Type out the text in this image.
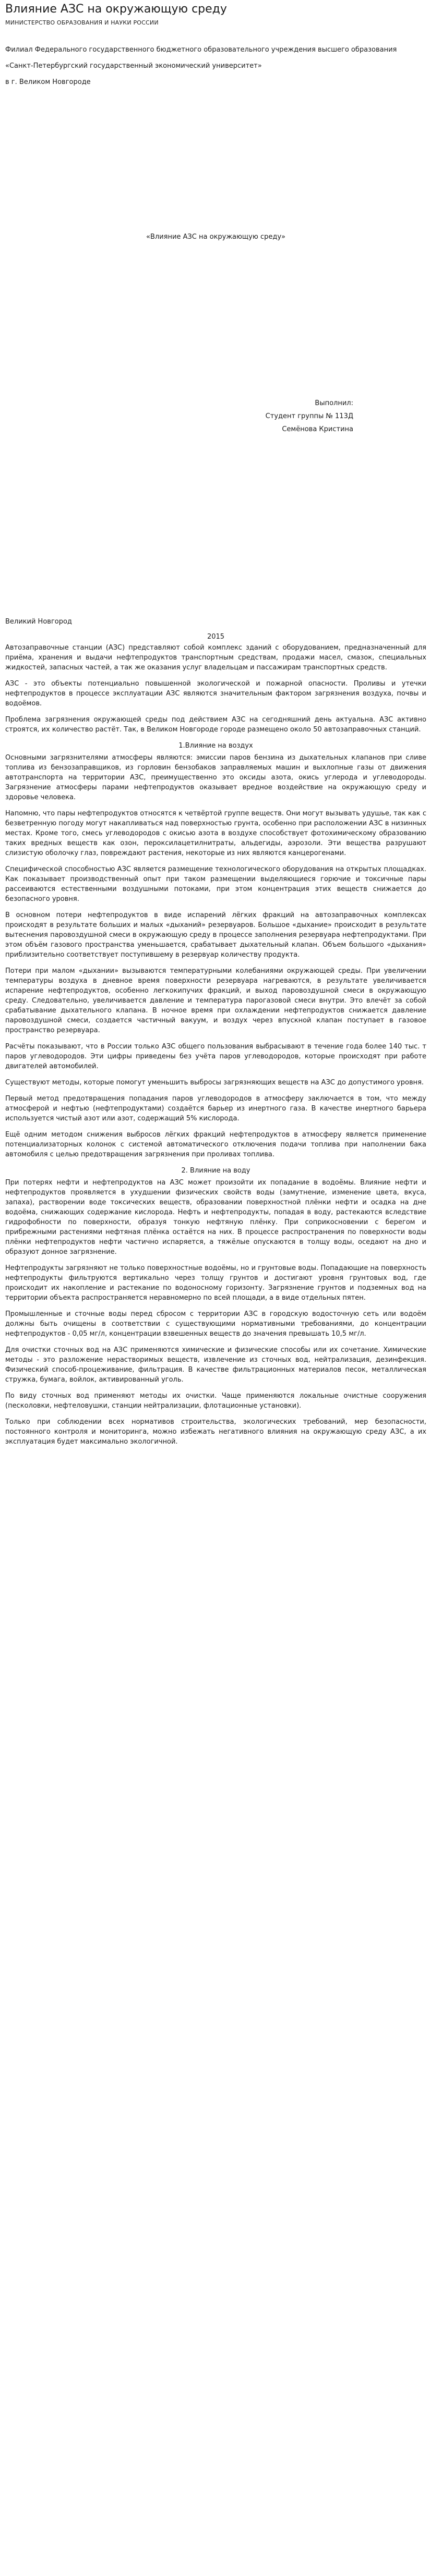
Влияние АЗС на окружающую среду
МИНИСТЕРСТВО ОБРАЗОВАНИЯ И НАУКИ РОССИИ

Филиал Федерального государственного бюджетного образовательного учреждения высшего образования

«Санкт-Петербургский государственный экономический университет»

в г. Великом Новгороде

«Влияние АЗС на окружающую среду»

Выполнил:

Студент группы № 113Д

Семёнова Кристина

Великий Новгород
2015

Автозаправочные станции (АЗС) представляют собой комплекс зданий с оборудованием, предназначенный для приёма, хранения и выдачи нефтепродуктов транспортным средствам, продажи масел, смазок, специальных жидкостей, запасных частей, а так же оказания услуг владельцам и пассажирам транспортных средств.

АЗС - это объекты потенциально повышенной экологической и пожарной опасности. Проливы и утечки нефтепродуктов в процессе эксплуатации АЗС являются значительным фактором загрязнения воздуха, почвы и водоёмов.

Проблема загрязнения окружающей среды под действием АЗС на сегодняшний день актуальна. АЗС активно строятся, их количество растёт. Так, в Великом Новгороде городе размещено около 50 автозаправочных станций.

1.Влияние на воздух

Основными загрязнителями атмосферы являются: эмиссии паров бензина из дыхательных клапанов при сливе топлива из бензозаправщиков, из горловин бензобаков заправляемых машин и выхлопные газы от движения автотранспорта на территории АЗС, преимущественно это оксиды азота, окись углерода и углеводороды. Загрязнение атмосферы парами нефтепродуктов оказывает вредное воздействие на окружающую среду и здоровье человека.

Напомню, что пары нефтепродуктов относятся к четвёртой группе веществ. Они могут вызывать удушье, так как с безветренную погоду могут накапливаться над поверхностью грунта, особенно при расположении АЗС в низинных местах. Кроме того, смесь углеводородов с окисью азота в воздухе способствует фотохимическому образованию таких вредных веществ как озон, пероксилацетилнитраты, альдегиды, аэрозоли. Эти вещества разрушают слизистую оболочку глаз, повреждают растения, некоторые из них являются канцерогенами.

Специфической способностью АЗС является размещение технологического оборудования на открытых площадках. Как показывает производственный опыт при таком размещении выделяющиеся горючие и токсичные пары рассеиваются естественными воздушными потоками, при этом концентрация этих веществ снижается до безопасного уровня.

В основном потери нефтепродуктов в виде испарений лёгких фракций на автозаправочных комплексах происходят в результате больших и малых «дыханий» резервуаров. Большое «дыхание» происходит в результате вытеснения паровоздушной смеси в окружающую среду в процессе заполнения резервуара нефтепродуктами. При этом объём газового пространства уменьшается, срабатывает дыхательный клапан. Объем большого «дыхания» приблизительно соответствует поступившему в резервуар количеству продукта.

Потери при малом «дыхании» вызываются температурными колебаниями окружающей среды. При увеличении температуры воздуха в дневное время поверхности резервуара нагреваются, в результате увеличивается испарение нефтепродуктов, особенно легкокипучих фракций, и выход паровоздушной смеси в окружающую среду. Следовательно, увеличивается давление и температура парогазовой смеси внутри. Это влечёт за собой срабатывание дыхательного клапана. В ночное время при охлаждении нефтепродуктов снижается давление паровоздушной смеси, создается частичный вакуум, и воздух через впускной клапан поступает в газовое пространство резервуара.

Расчёты показывают, что в России только АЗС общего пользования выбрасывают в течение года более 140 тыс. т паров углеводородов. Эти цифры приведены без учёта паров углеводородов, которые происходят при работе двигателей автомобилей.

Существуют методы, которые помогут уменьшить выбросы загрязняющих веществ на АЗС до допустимого уровня.

Первый метод предотвращения попадания паров углеводородов в атмосферу заключается в том, что между атмосферой и нефтью (нефтепродуктами) создаётся барьер из инертного газа. В качестве инертного барьера используется чистый азот или азот, содержащий 5% кислорода.

Ещё одним методом снижения выбросов лёгких фракций нефтепродуктов в атмосферу является применение потенциализаторных колонок с системой автоматического отключения подачи топлива при наполнении бака автомобиля с целью предотвращения загрязнения при проливах топлива.

2. Влияние на воду

При потерях нефти и нефтепродуктов на АЗС может произойти их попадание в водоёмы. Влияние нефти и нефтепродуктов проявляется в ухудшении физических свойств воды (замутнение, изменение цвета, вкуса, запаха), растворении воде токсических веществ, образовании поверхностной плёнки нефти и осадка на дне водоёма, снижающих содержание кислорода. Нефть и нефтепродукты, попадая в воду, растекаются вследствие гидрофобности по поверхности, образуя тонкую нефтяную плёнку. При соприкосновении с берегом и прибрежными растениями нефтяная плёнка остаётся на них. В процессе распространения по поверхности воды плёнки нефтепродуктов нефти частично испаряется, а тяжёлые опускаются в толщу воды, оседают на дно и образуют донное загрязнение.

Нефтепродукты загрязняют не только поверхностные водоёмы, но и грунтовые воды. Попадающие на поверхность нефтепродукты фильтруются вертикально через толщу грунтов и достигают уровня грунтовых вод, где происходит их накопление и растекание по водоносному горизонту. Загрязнение грунтов и подземных вод на территории объекта распространяется неравномерно по всей площади, а в виде отдельных пятен.

Промышленные и сточные воды перед сбросом с территории АЗС в городскую водосточную сеть или водоём должны быть очищены в соответствии с существующими нормативными требованиями, до концентрации нефтепродуктов - 0,05 мг/л, концентрации взвешенных веществ до значения превышать 10,5 мг/л.

Для очистки сточных вод на АЗС применяются химические и физические способы или их сочетание. Химические методы - это разложение нерастворимых веществ, извлечение из сточных вод, нейтрализация, дезинфекция. Физический способ-процеживание, фильтрация. В качестве фильтрационных материалов песок, металлическая стружка, бумага, войлок, активированный уголь.

По виду сточных вод применяют методы их очистки. Чаще применяются локальные очистные сооружения (песколовки, нефтеловушки, станции нейтрализации, флотационные установки).

Только при соблюдении всех нормативов строительства, экологических требований, мер безопасности, постоянного контроля и мониторинга, можно избежать негативного влияния на окружающую среду АЗС, а их эксплуатация будет максимально экологичной.
